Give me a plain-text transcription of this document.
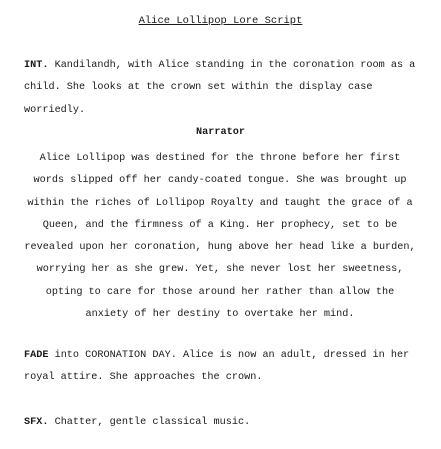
Alice Lollipop Lore Script

INT. Kandilandh, with Alice standing in the coronation room as a child. She looks at the crown set within the display case worriedly.

Narrator

Alice Lollipop was destined for the throne before her first
words slipped off her candy-coated tongue. She was brought up
within the riches of Lollipop Royalty and taught the grace of a
Queen, and the firmness of a King. Her prophecy, set to be
revealed upon her coronation, hung above her head like a burden,
worrying her as she grew. Yet, she never lost her sweetness,
opting to care for those around her rather than allow the
anxiety of her destiny to overtake her mind.

FADE into CORONATION DAY. Alice is now an adult, dressed in her royal attire. She approaches the crown.

SFX. Chatter, gentle classical music.
